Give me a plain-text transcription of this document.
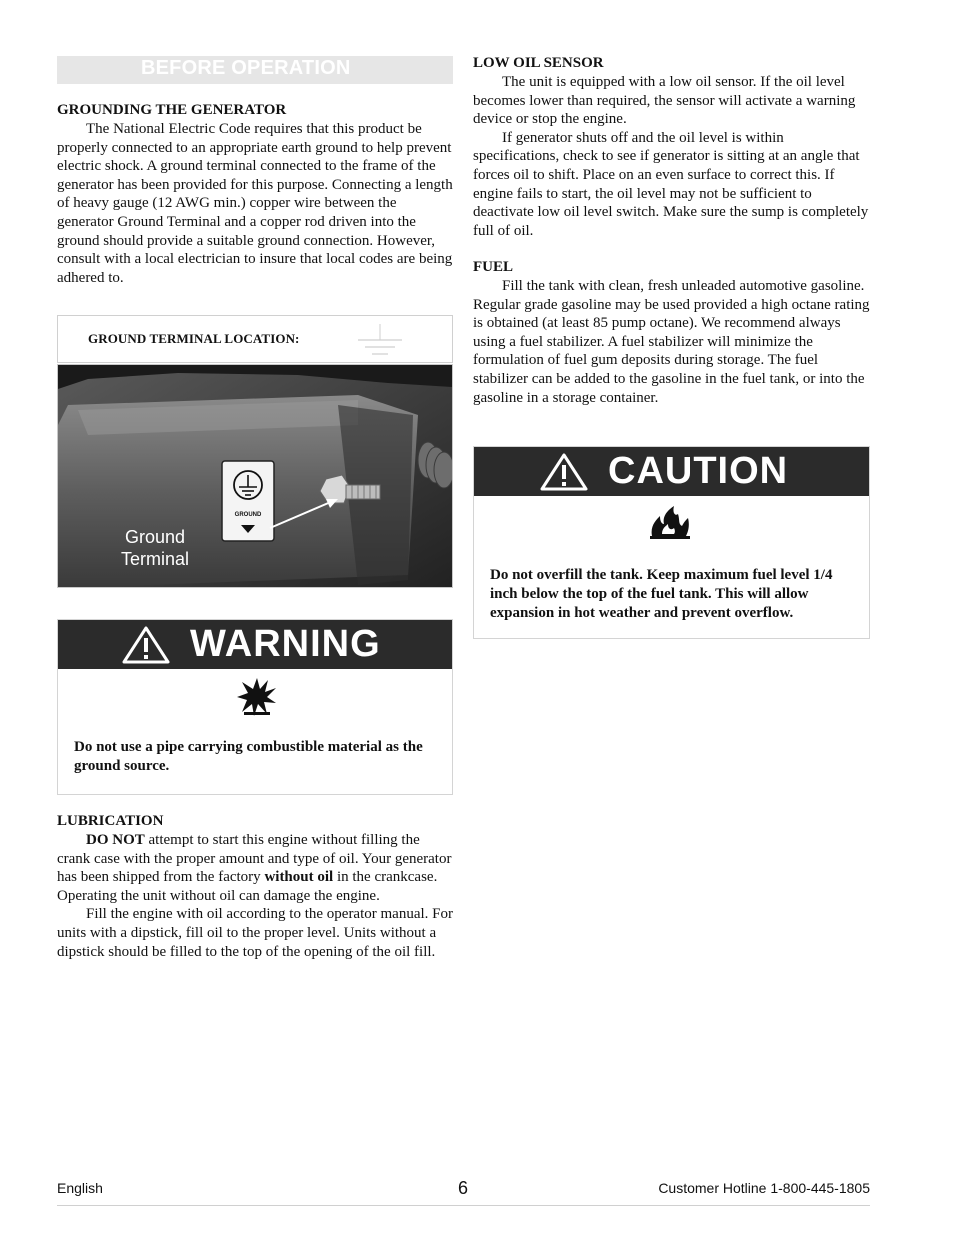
BEFORE OPERATION

GROUNDING THE GENERATOR

The National Electric Code requires that this product be properly connected to an appropriate earth ground to help prevent electric shock. A ground terminal connected to the frame of the generator has been provided for this purpose. Connecting a length of heavy gauge (12 AWG min.) copper wire between the generator Ground Terminal and a copper rod driven into the ground should provide a suitable ground connection. However, consult with a local electrician to insure that local codes are being adhered to.

GROUND TERMINAL LOCATION:
GROUND
Ground
Terminal
WARNING
Do not use a pipe carrying combustible material as the ground source.

LUBRICATION

DO NOT attempt to start this engine without filling the crank case with the proper amount and type of oil. Your generator has been shipped from the factory without oil in the crankcase. Operating the unit without oil can damage the engine.

Fill the engine with oil according to the operator manual. For units with a dipstick, fill oil to the proper level. Units without a dipstick should be filled to the top of the opening of the oil fill.

LOW OIL SENSOR

The unit is equipped with a low oil sensor. If the oil level becomes lower than required, the sensor will activate a warning device or stop the engine.

If generator shuts off and the oil level is within specifications, check to see if generator is sitting at an angle that forces oil to shift. Place on an even surface to correct this. If engine fails to start, the oil level may not be sufficient to deactivate low oil level switch. Make sure the sump is completely full of oil.

FUEL

Fill the tank with clean, fresh unleaded automotive gasoline. Regular grade gasoline may be used provided a high octane rating is obtained (at least 85 pump octane). We recommend always using a fuel stabilizer. A fuel stabilizer will minimize the formulation of fuel gum deposits during storage. The fuel stabilizer can be added to the gasoline in the fuel tank, or into the gasoline in a storage container.

CAUTION
Do not overfill the tank. Keep maximum fuel level 1/4 inch below the top of the fuel tank. This will allow expansion in hot weather and prevent overflow.
English	6	Customer Hotline 1-800-445-1805
